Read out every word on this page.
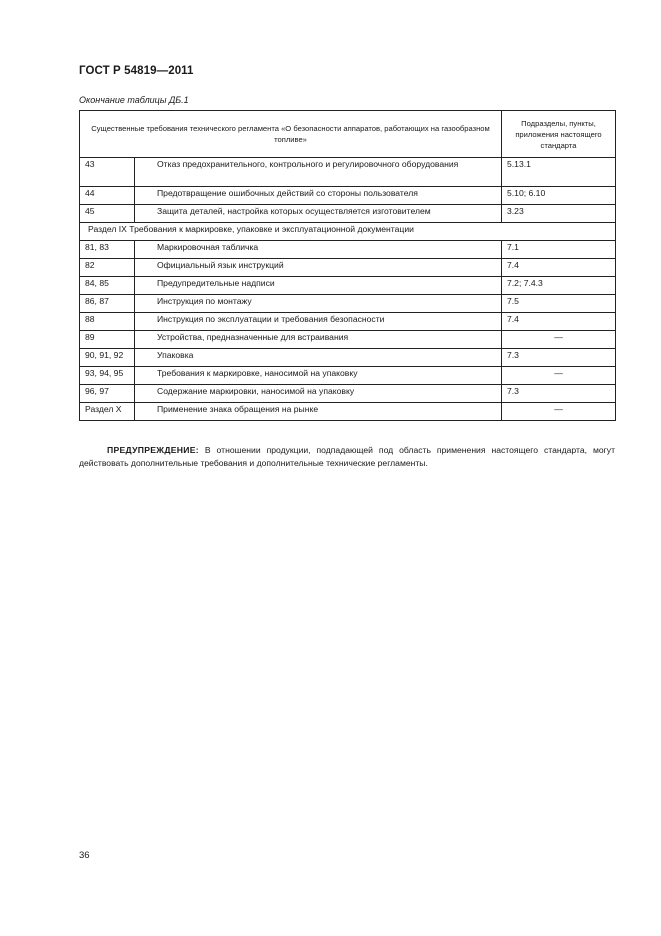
ГОСТ Р 54819—2011
Окончание таблицы ДБ.1
Существенные требования технического регламента «О безопасности аппаратов, работающих на газообразном топливе»		Подразделы, пункты, приложения настоящего стандарта
43	Отказ предохранительного, контрольного и регулировочного оборудования	5.13.1
44	Предотвращение ошибочных действий со стороны пользователя	5.10; 6.10
45	Защита деталей, настройка которых осуществляется изготовителем	3.23
Раздел IX Требования к маркировке, упаковке и эксплуатационной документации		
81, 83	Маркировочная табличка	7.1
82	Официальный язык инструкций	7.4
84, 85	Предупредительные надписи	7.2; 7.4.3
86, 87	Инструкция по монтажу	7.5
88	Инструкция по эксплуатации и требования безопасности	7.4
89	Устройства, предназначенные для встраивания	—
90, 91, 92	Упаковка	7.3
93, 94, 95	Требования к маркировке, наносимой на упаковку	—
96, 97	Содержание маркировки, наносимой на упаковку	7.3
Раздел X	Применение знака обращения на рынке	—

ПРЕДУПРЕЖДЕНИЕ: В отношении продукции, подпадающей под область применения настоящего стандарта, могут действовать дополнительные требования и дополнительные технические регламенты.

36
